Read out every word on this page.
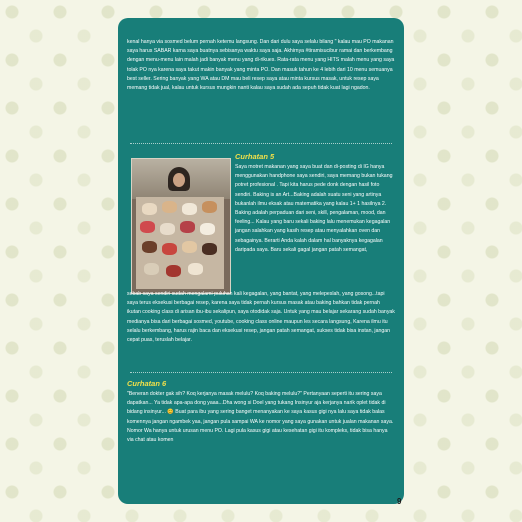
kenal hanya via sosmed belum pernah ketemu langsung. Dan dari dulu saya selalu bilang " kalau mau PO makanan saya harus SABAR karna saya buatnya sebisanya waktu saya saja. Akhirnya #tiramisucibur ramai dan berkembang dengan menu-menu lain malah jadi banyak menu yang di-rikues. Rata-rata menu yang HITS malah menu yang saya tolak PO nya karena saya takut makin banyak yang minta PO. Dan masuk tahun ke 4 lebih dari 10 menu semuanya best seller. Sering banyak yang WA atau DM mau beli resep saya atau minta kursus masak, untuk resep saya memang tidak jual, kalau untuk kursus mungkin nanti kalau saya sudah ada sepuh tidak kuat lagi ngadon.
Curhatan 5
Saya motret makanan yang saya buat dan di-posting di IG hanya menggunakan handphone saya sendiri, saya memang bukan tukang potret profesional . Tapi kita harus pede donk dengan hasil foto sendiri. Baking is an Art...Baking adalah suatu seni yang artinya bukanlah ilmu eksak atau matematika yang kalau 1+ 1 hasilnya 2. Baking adalah perpaduan dari seni, skill, pengalaman, mood, dan feeling... Kalau yang baru sekali baking lalu menemukan kegagalan jangan salahkan yang kasih resep atau menyalahkan oven dan sebagainya. Berarti Anda kalah dalam hal banyaknya kegagalan daripada saya. Baru sekali gagal jangan patah semangat,
sebab saya sendiri sudah mengalami puluhan kali kegagalan, yang bantat, yang melepeslah, yang gosong...tapi saya terus eksekusi berbagai resep, karena saya tidak pernah kursus masak atau baking bahkan tidak pernah ikutan cooking class di arisan ibu-ibu sekalipun, saya otodidak saja. Untuk yang mau belajar sekarang sudah banyak medianya bisa dari berbagai sosmed, youtube, cooking class online maupun les secara langsung, Karena ilmu itu selalu berkembang, harus rajin baca dan eksekusi resep, jangan patah semangat, sukses tidak bisa instan, jangan cepat puas, teruslah belajar.
Curhatan 6
"Beneran dokter gak sih? Koq kerjanya masak melulu? Koq baking melulu?" Pertanyaan seperti itu sering saya dapatkan... Ya tidak apa-apa dong yaaa...Dha wong si Doel yang tukang Insinyur aja kerjanya narik oplet tidak di bidang insinyur... 😊 Buat para ibu yang sering banget menanyakan ke saya kasus gigi nya lalu saya tidak balas komennya jangan ngambek yaa, jangan pula sampai WA ke nomor yang saya gunakan untuk jualan makanan saya. Nomor Wa hanya untuk urusan menu PO. Lagi pula kasus gigi atau kesehatan gigi itu kompleks, tidak bisa hanya via chat atau komen
9
